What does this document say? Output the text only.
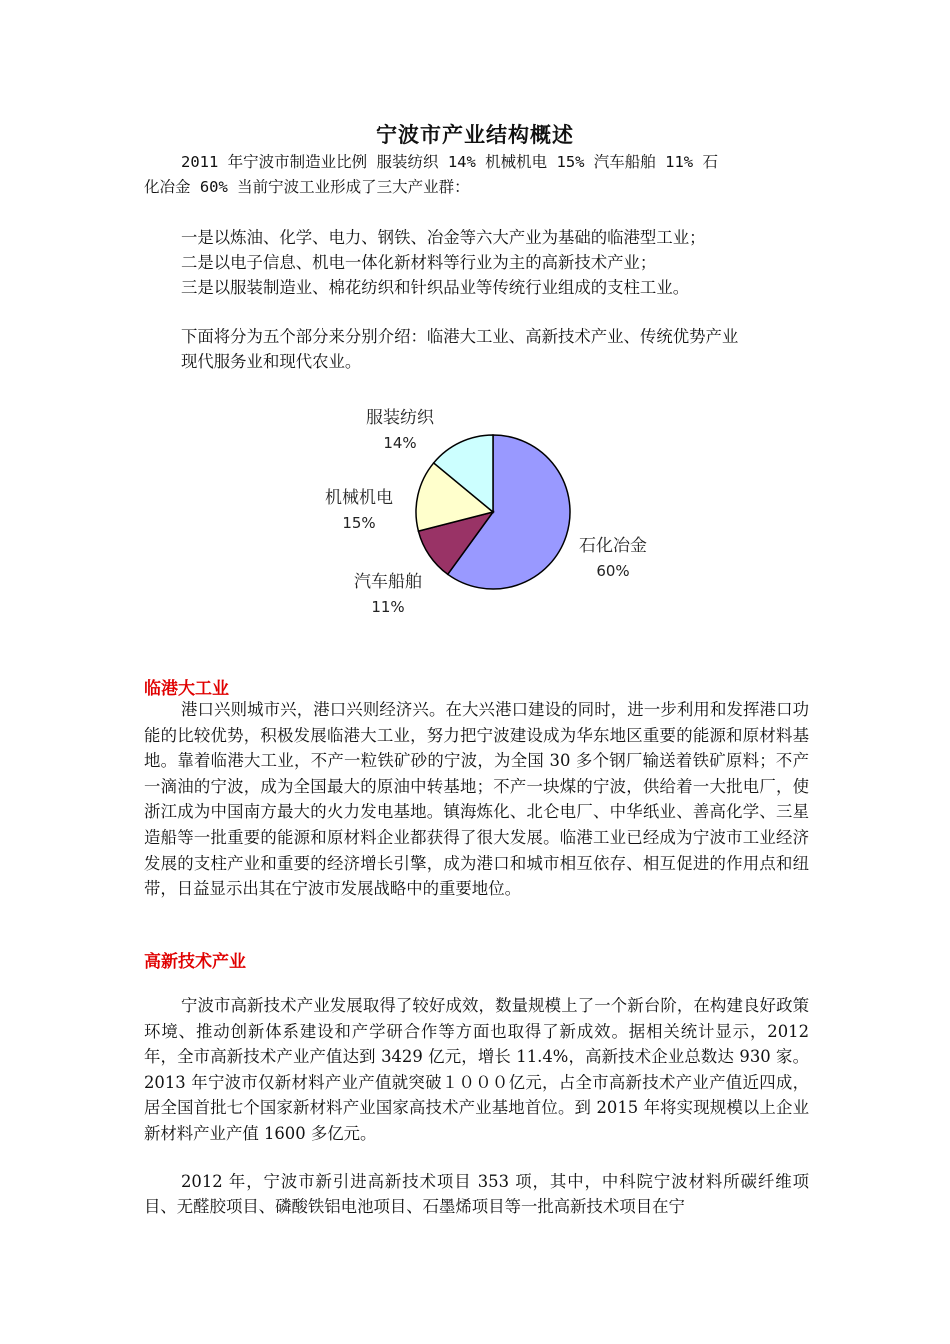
宁波市产业结构概述
2011 年宁波市制造业比例 服装纺织 14% 机械机电 15% 汽车船舶 11% 石
化冶金 60% 当前宁波工业形成了三大产业群：
一是以炼油、化学、电力、钢铁、冶金等六大产业为基础的临港型工业；
二是以电子信息、机电一体化新材料等行业为主的高新技术产业；
三是以服装制造业、棉花纺织和针织品业等传统行业组成的支柱工业。
下面将分为五个部分来分别介绍：临港大工业、高新技术产业、传统优势产业
现代服务业和现代农业。
石化冶金
60%
汽车船舶
11%
机械机电
15%
服装纺织
14%
临港大工业

港口兴则城市兴，港口兴则经济兴。在大兴港口建设的同时，进一步利用和发挥港口功能的比较优势，积极发展临港大工业，努力把宁波建设成为华东地区重要的能源和原材料基地。靠着临港大工业，不产一粒铁矿砂的宁波，为全国 30 多个钢厂输送着铁矿原料；不产一滴油的宁波，成为全国最大的原油中转基地；不产一块煤的宁波，供给着一大批电厂，使浙江成为中国南方最大的火力发电基地。镇海炼化、北仑电厂、中华纸业、善高化学、三星造船等一批重要的能源和原材料企业都获得了很大发展。临港工业已经成为宁波市工业经济发展的支柱产业和重要的经济增长引擎，成为港口和城市相互依存、相互促进的作用点和纽带，日益显示出其在宁波市发展战略中的重要地位。

高新技术产业

宁波市高新技术产业发展取得了较好成效，数量规模上了一个新台阶，在构建良好政策环境、推动创新体系建设和产学研合作等方面也取得了新成效。据相关统计显示，2012 年，全市高新技术产业产值达到 3429 亿元，增长 11.4%，高新技术企业总数达 930 家。2013 年宁波市仅新材料产业产值就突破１０００亿元，占全市高新技术产业产值近四成，居全国首批七个国家新材料产业国家高技术产业基地首位。到 2015 年将实现规模以上企业新材料产业产值 1600 多亿元。

2012 年，宁波市新引进高新技术项目 353 项，其中，中科院宁波材料所碳纤维项目、无醛胶项目、磷酸铁铝电池项目、石墨烯项目等一批高新技术项目在宁
